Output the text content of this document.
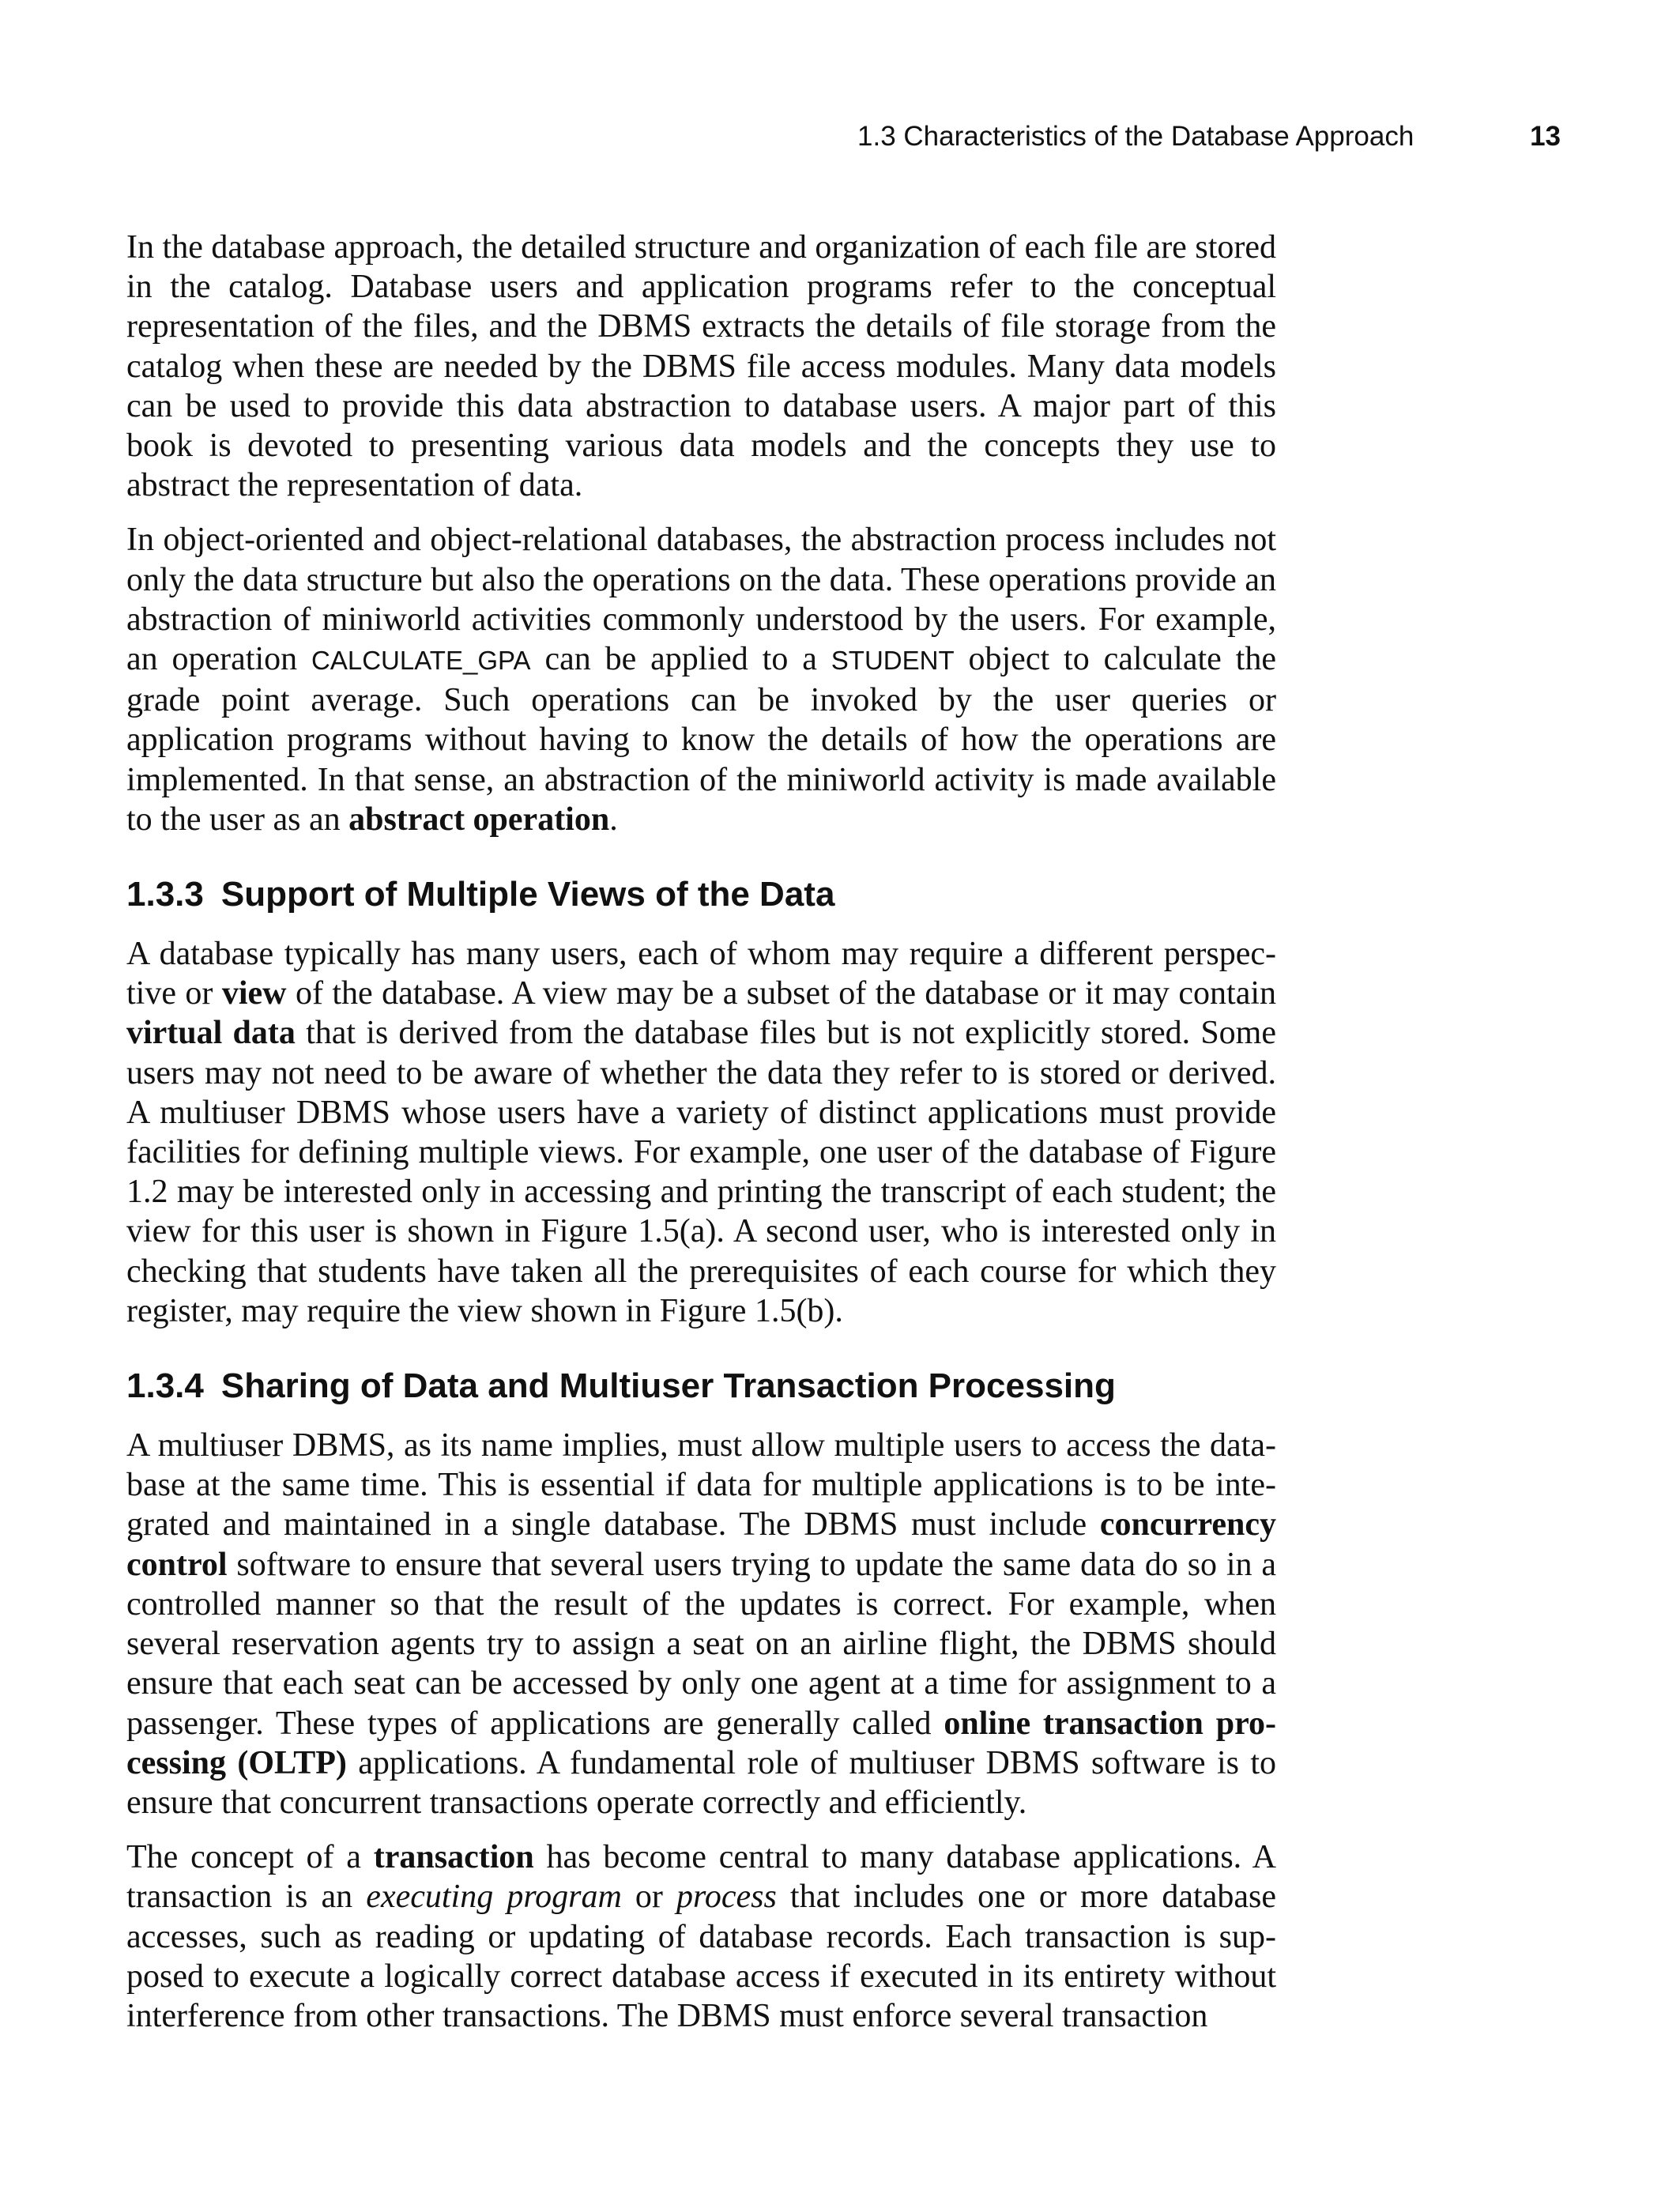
1.3 Characteristics of the Database Approach	13

In the database approach, the detailed structure and organization of each file are stored in the catalog. Database users and application programs refer to the conceptual representation of the files, and the DBMS extracts the details of file storage from the catalog when these are needed by the DBMS file access modules. Many data models can be used to provide this data abstraction to database users. A major part of this book is devoted to presenting various data models and the concepts they use to abstract the representation of data.

In object-oriented and object-relational databases, the abstraction process includes not only the data structure but also the operations on the data. These operations provide an abstraction of miniworld activities commonly understood by the users. For example, an operation CALCULATE_GPA can be applied to a STUDENT object to calculate the grade point average. Such operations can be invoked by the user queries or application programs without having to know the details of how the operations are implemented. In that sense, an abstraction of the miniworld activity is made available to the user as an abstract operation.

1.3.3 Support of Multiple Views of the Data

A database typically has many users, each of whom may require a different perspective or view of the database. A view may be a subset of the database or it may contain virtual data that is derived from the database files but is not explicitly stored. Some users may not need to be aware of whether the data they refer to is stored or derived. A multiuser DBMS whose users have a variety of distinct applications must provide facilities for defining multiple views. For example, one user of the database of Figure 1.2 may be interested only in accessing and printing the transcript of each student; the view for this user is shown in Figure 1.5(a). A second user, who is interested only in checking that students have taken all the prerequisites of each course for which they register, may require the view shown in Figure 1.5(b).

1.3.4 Sharing of Data and Multiuser Transaction Processing

A multiuser DBMS, as its name implies, must allow multiple users to access the database at the same time. This is essential if data for multiple applications is to be integrated and maintained in a single database. The DBMS must include concurrency control software to ensure that several users trying to update the same data do so in a controlled manner so that the result of the updates is correct. For example, when several reservation agents try to assign a seat on an airline flight, the DBMS should ensure that each seat can be accessed by only one agent at a time for assignment to a passenger. These types of applications are generally called online transaction processing (OLTP) applications. A fundamental role of multiuser DBMS software is to ensure that concurrent transactions operate correctly and efficiently.

The concept of a transaction has become central to many database applications. A transaction is an executing program or process that includes one or more database accesses, such as reading or updating of database records. Each transaction is supposed to execute a logically correct database access if executed in its entirety without interference from other transactions. The DBMS must enforce several transaction
